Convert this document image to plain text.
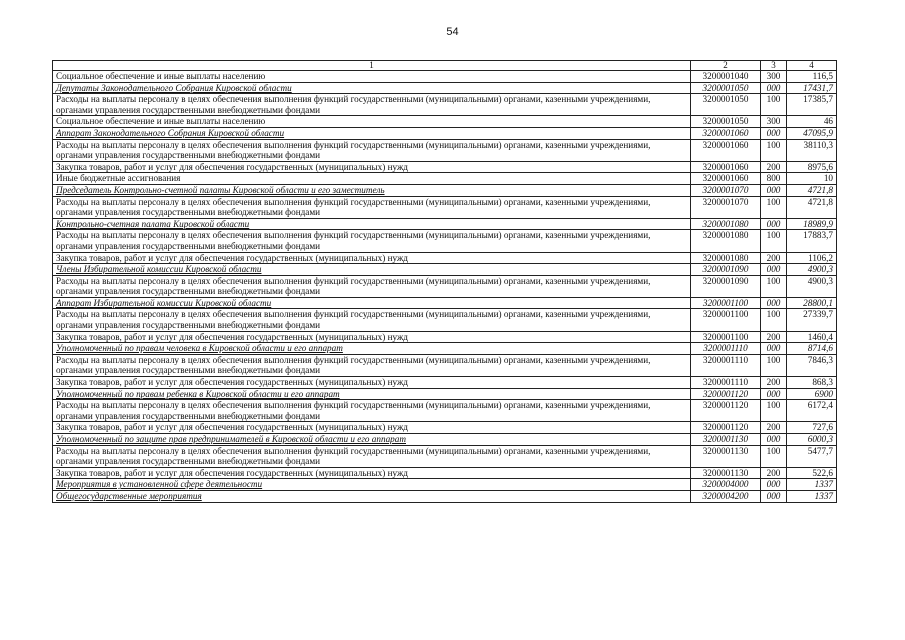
54
1	2	3	4
Социальное обеспечение и иные выплаты населению	3200001040	300	116,5
Депутаты Законодательного Собрания Кировской области	3200001050	000	17431,7
Расходы на выплаты персоналу в целях обеспечения выполнения функций государственными (муниципальными) органами, казенными учреждениями, органами управления государственными внебюджетными фондами	3200001050	100	17385,7
Социальное обеспечение и иные выплаты населению	3200001050	300	46
Аппарат Законодательного Собрания Кировской области	3200001060	000	47095,9
Расходы на выплаты персоналу в целях обеспечения выполнения функций государственными (муниципальными) органами, казенными учреждениями, органами управления государственными внебюджетными фондами	3200001060	100	38110,3
Закупка товаров, работ и услуг для обеспечения государственных (муниципальных) нужд	3200001060	200	8975,6
Иные бюджетные ассигнования	3200001060	800	10
Председатель Контрольно-счетной палаты Кировской области и его заместитель	3200001070	000	4721,8
Расходы на выплаты персоналу в целях обеспечения выполнения функций государственными (муниципальными) органами, казенными учреждениями, органами управления государственными внебюджетными фондами	3200001070	100	4721,8
Контрольно-счетная палата Кировской области	3200001080	000	18989,9
Расходы на выплаты персоналу в целях обеспечения выполнения функций государственными (муниципальными) органами, казенными учреждениями, органами управления государственными внебюджетными фондами	3200001080	100	17883,7
Закупка товаров, работ и услуг для обеспечения государственных (муниципальных) нужд	3200001080	200	1106,2
Члены Избирательной комиссии Кировской области	3200001090	000	4900,3
Расходы на выплаты персоналу в целях обеспечения выполнения функций государственными (муниципальными) органами, казенными учреждениями, органами управления государственными внебюджетными фондами	3200001090	100	4900,3
Аппарат Избирательной комиссии Кировской области	3200001100	000	28800,1
Расходы на выплаты персоналу в целях обеспечения выполнения функций государственными (муниципальными) органами, казенными учреждениями, органами управления государственными внебюджетными фондами	3200001100	100	27339,7
Закупка товаров, работ и услуг для обеспечения государственных (муниципальных) нужд	3200001100	200	1460,4
Уполномоченный по правам человека в Кировской области и его аппарат	3200001110	000	8714,6
Расходы на выплаты персоналу в целях обеспечения выполнения функций государственными (муниципальными) органами, казенными учреждениями, органами управления государственными внебюджетными фондами	3200001110	100	7846,3
Закупка товаров, работ и услуг для обеспечения государственных (муниципальных) нужд	3200001110	200	868,3
Уполномоченный по правам ребенка в Кировской области и его аппарат	3200001120	000	6900
Расходы на выплаты персоналу в целях обеспечения выполнения функций государственными (муниципальными) органами, казенными учреждениями, органами управления государственными внебюджетными фондами	3200001120	100	6172,4
Закупка товаров, работ и услуг для обеспечения государственных (муниципальных) нужд	3200001120	200	727,6
Уполномоченный по защите прав предпринимателей в Кировской области и его аппарат	3200001130	000	6000,3
Расходы на выплаты персоналу в целях обеспечения выполнения функций государственными (муниципальными) органами, казенными учреждениями, органами управления государственными внебюджетными фондами	3200001130	100	5477,7
Закупка товаров, работ и услуг для обеспечения государственных (муниципальных) нужд	3200001130	200	522,6
Мероприятия в установленной сфере деятельности	3200004000	000	1337
Общегосударственные мероприятия	3200004200	000	1337
